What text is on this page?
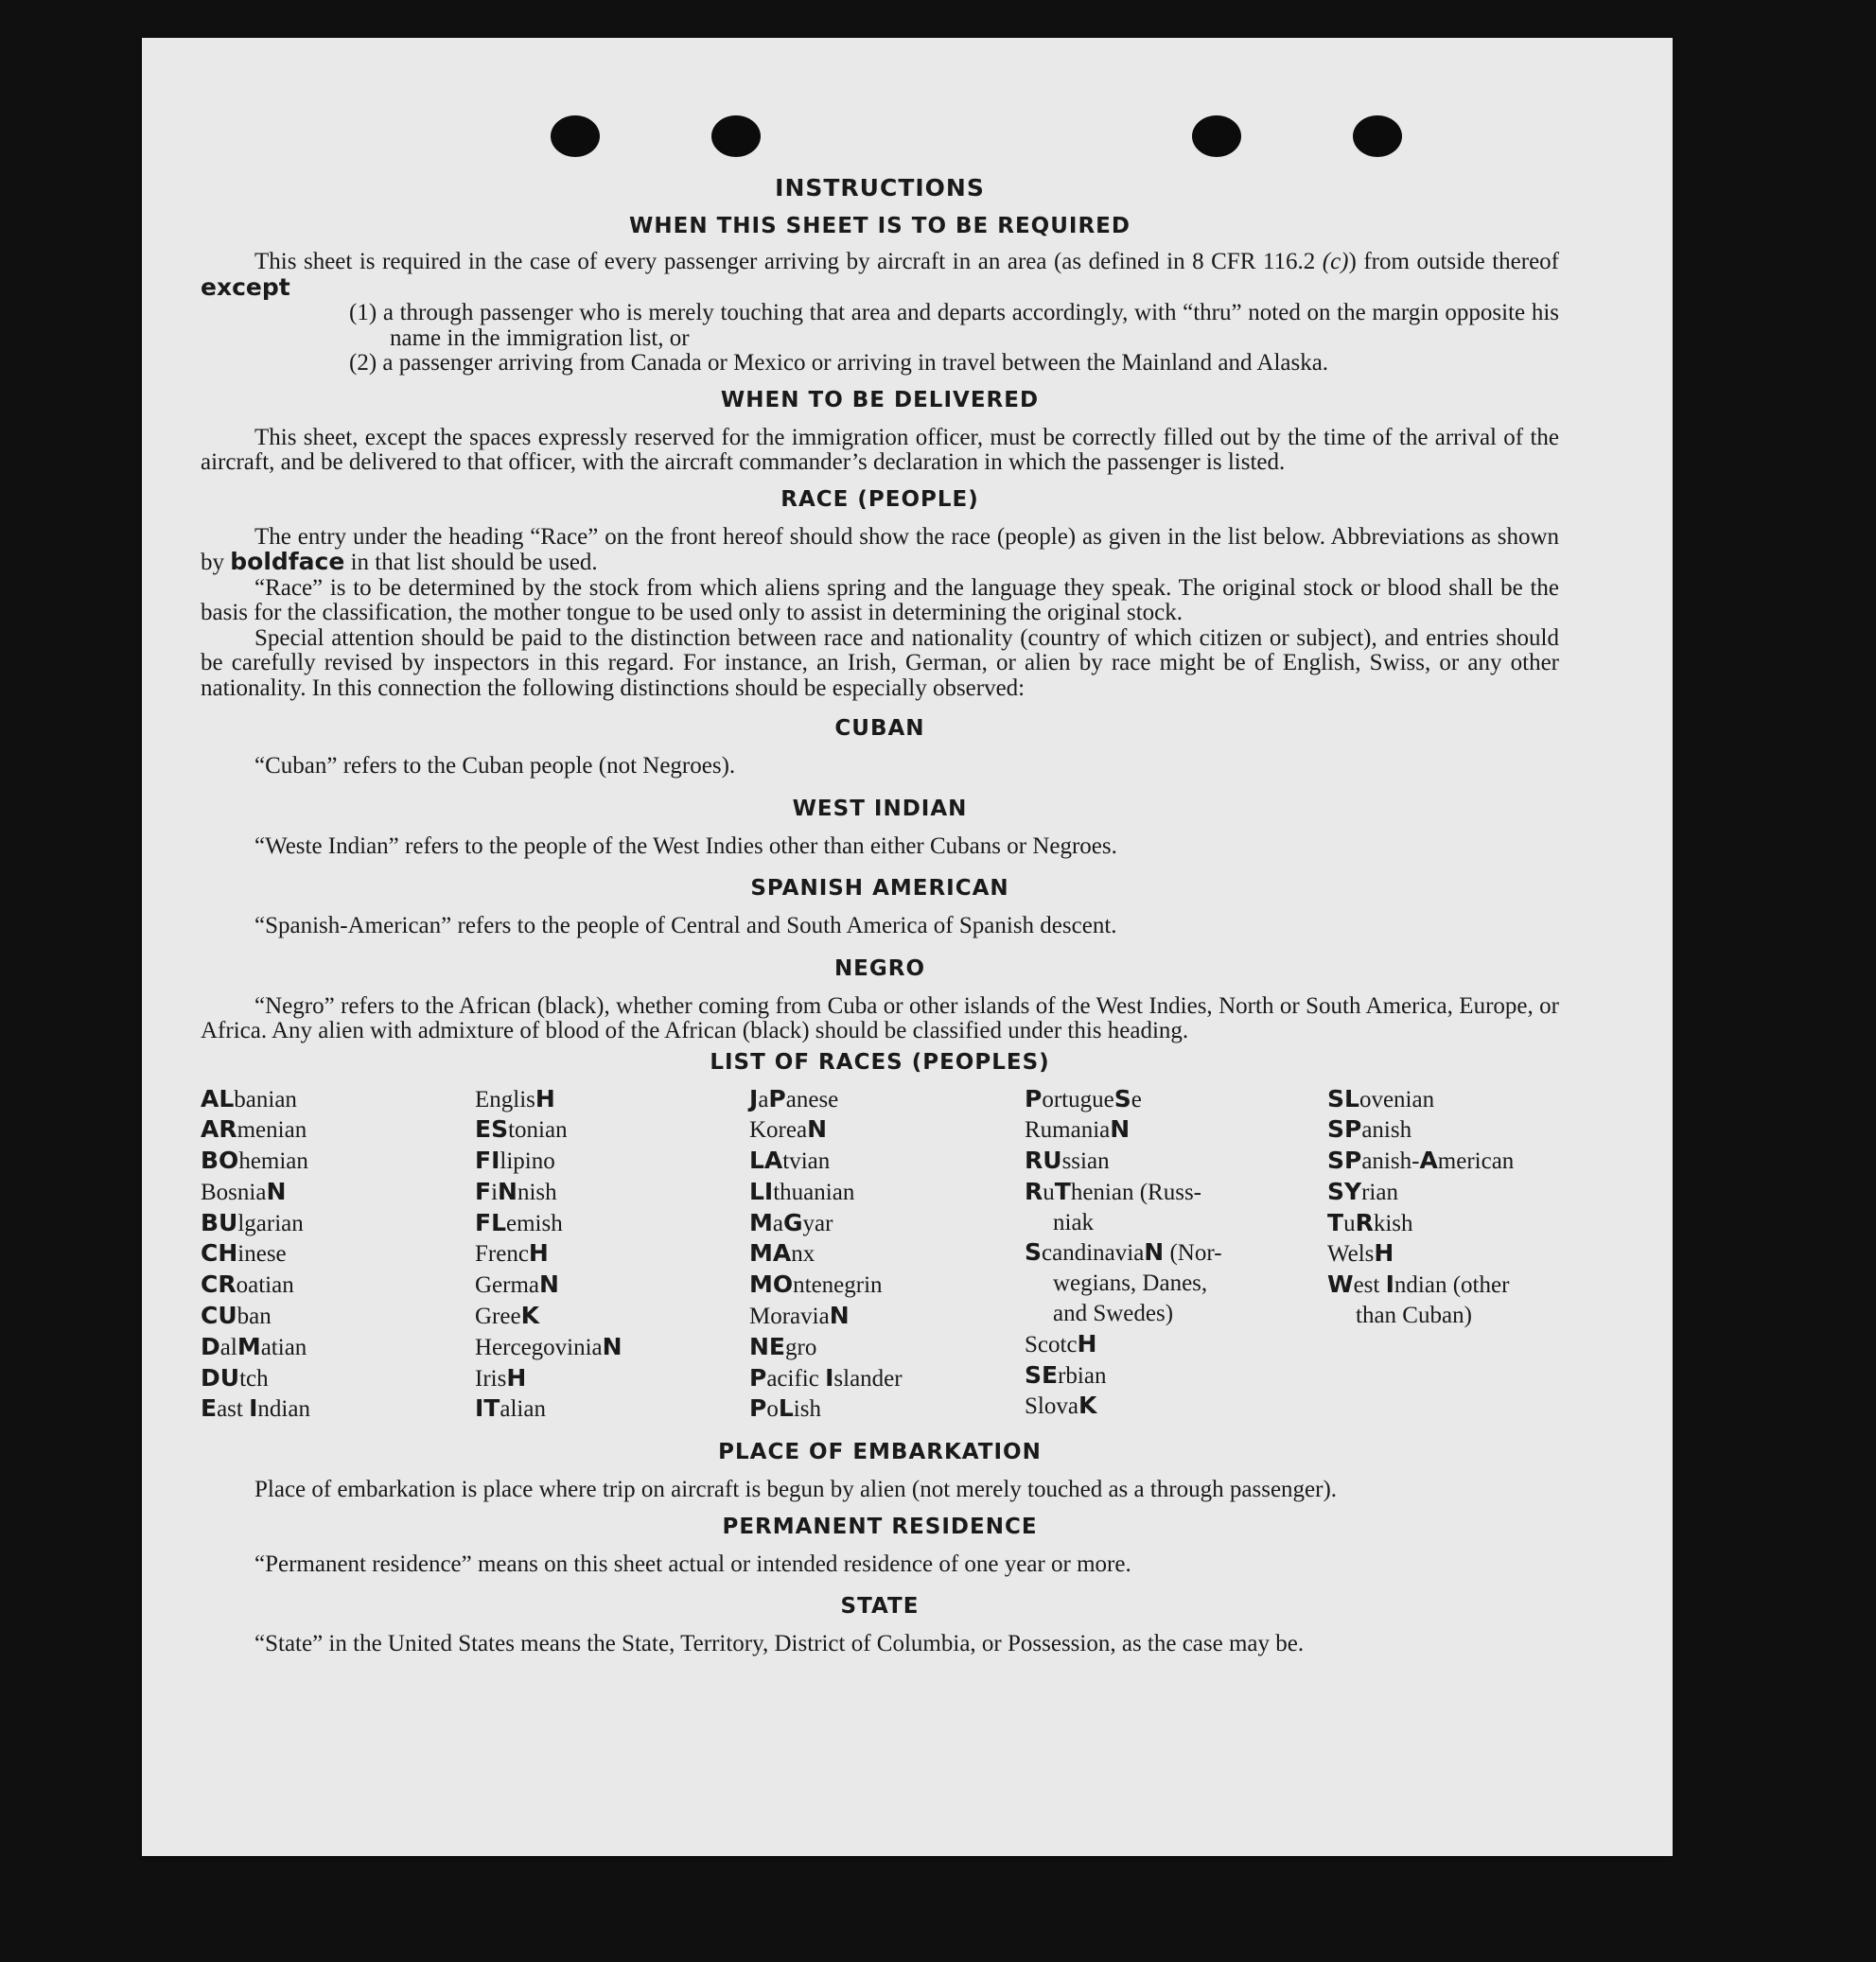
INSTRUCTIONS
WHEN THIS SHEET IS TO BE REQUIRED

This sheet is required in the case of every passenger arriving by aircraft in an area (as defined in 8 CFR 116.2 (c)) from outside thereof except

(1) a through passenger who is merely touching that area and departs accordingly, with “thru” noted on the margin opposite his name in the immigration list, or

(2) a passenger arriving from Canada or Mexico or arriving in travel between the Mainland and Alaska.

WHEN TO BE DELIVERED

This sheet, except the spaces expressly reserved for the immigration officer, must be correctly filled out by the time of the arrival of the aircraft, and be delivered to that officer, with the aircraft commander’s declaration in which the passenger is listed.

RACE (PEOPLE)

The entry under the heading “Race” on the front hereof should show the race (people) as given in the list below. Abbreviations as shown by boldface in that list should be used.

“Race” is to be determined by the stock from which aliens spring and the language they speak. The original stock or blood shall be the basis for the classification, the mother tongue to be used only to assist in determining the original stock.

Special attention should be paid to the distinction between race and nationality (country of which citizen or subject), and entries should be carefully revised by inspectors in this regard. For instance, an Irish, German, or alien by race might be of English, Swiss, or any other nationality. In this connection the following distinctions should be especially observed:

CUBAN

“Cuban” refers to the Cuban people (not Negroes).

WEST INDIAN

“Weste Indian” refers to the people of the West Indies other than either Cubans or Negroes.

SPANISH AMERICAN

“Spanish-American” refers to the people of Central and South America of Spanish descent.

NEGRO

“Negro” refers to the African (black), whether coming from Cuba or other islands of the West Indies, North or South America, Europe, or Africa. Any alien with admixture of blood of the African (black) should be classified under this heading.

LIST OF RACES (PEOPLES)
ALbanian
ARmenian
BOhemian
BosniaN
BUlgarian
CHinese
CRoatian
CUban
DalMatian
DUtch
East Indian
EnglisH
EStonian
FIlipino
FiNnish
FLemish
FrencH
GermaN
GreeK
HercegoviniaN
IrisH
ITalian
JaPanese
KoreaN
LAtvian
LIthuanian
MaGyar
MAnx
MOntenegrin
MoraviaN
NEgro
Pacific Islander
PoLish
PortugueSe
RumaniaN
RUssian
RuThenian (Russ-
niak
ScandinaviaN (Nor-
wegians, Danes,
and Swedes)
ScotcH
SErbian
SlovaK
SLovenian
SPanish
SPanish-American
SYrian
TuRkish
WelsH
West Indian (other
than Cuban)
PLACE OF EMBARKATION

Place of embarkation is place where trip on aircraft is begun by alien (not merely touched as a through passenger).

PERMANENT RESIDENCE

“Permanent residence” means on this sheet actual or intended residence of one year or more.

STATE

“State” in the United States means the State, Territory, District of Columbia, or Possession, as the case may be.
